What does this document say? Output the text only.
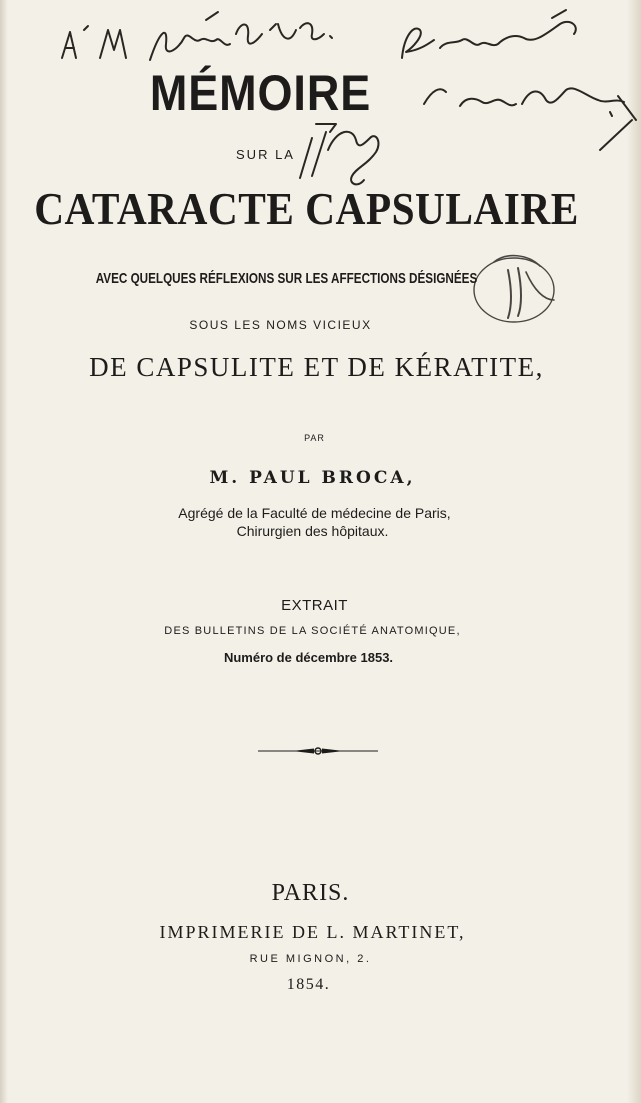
MÉMOIRE
SUR LA
CATARACTE CAPSULAIRE
AVEC QUELQUES RÉFLEXIONS SUR LES AFFECTIONS DÉSIGNÉES
SOUS LES NOMS VICIEUX
DE CAPSULITE ET DE KÉRATITE,
PAR
M. PAUL BROCA,
Agrégé de la Faculté de médecine de Paris,
Chirurgien des hôpitaux.
EXTRAIT
DES BULLETINS DE LA SOCIÉTÉ ANATOMIQUE,
Numéro de décembre 1853.
PARIS.
IMPRIMERIE DE L. MARTINET,
RUE MIGNON, 2.
1854.
